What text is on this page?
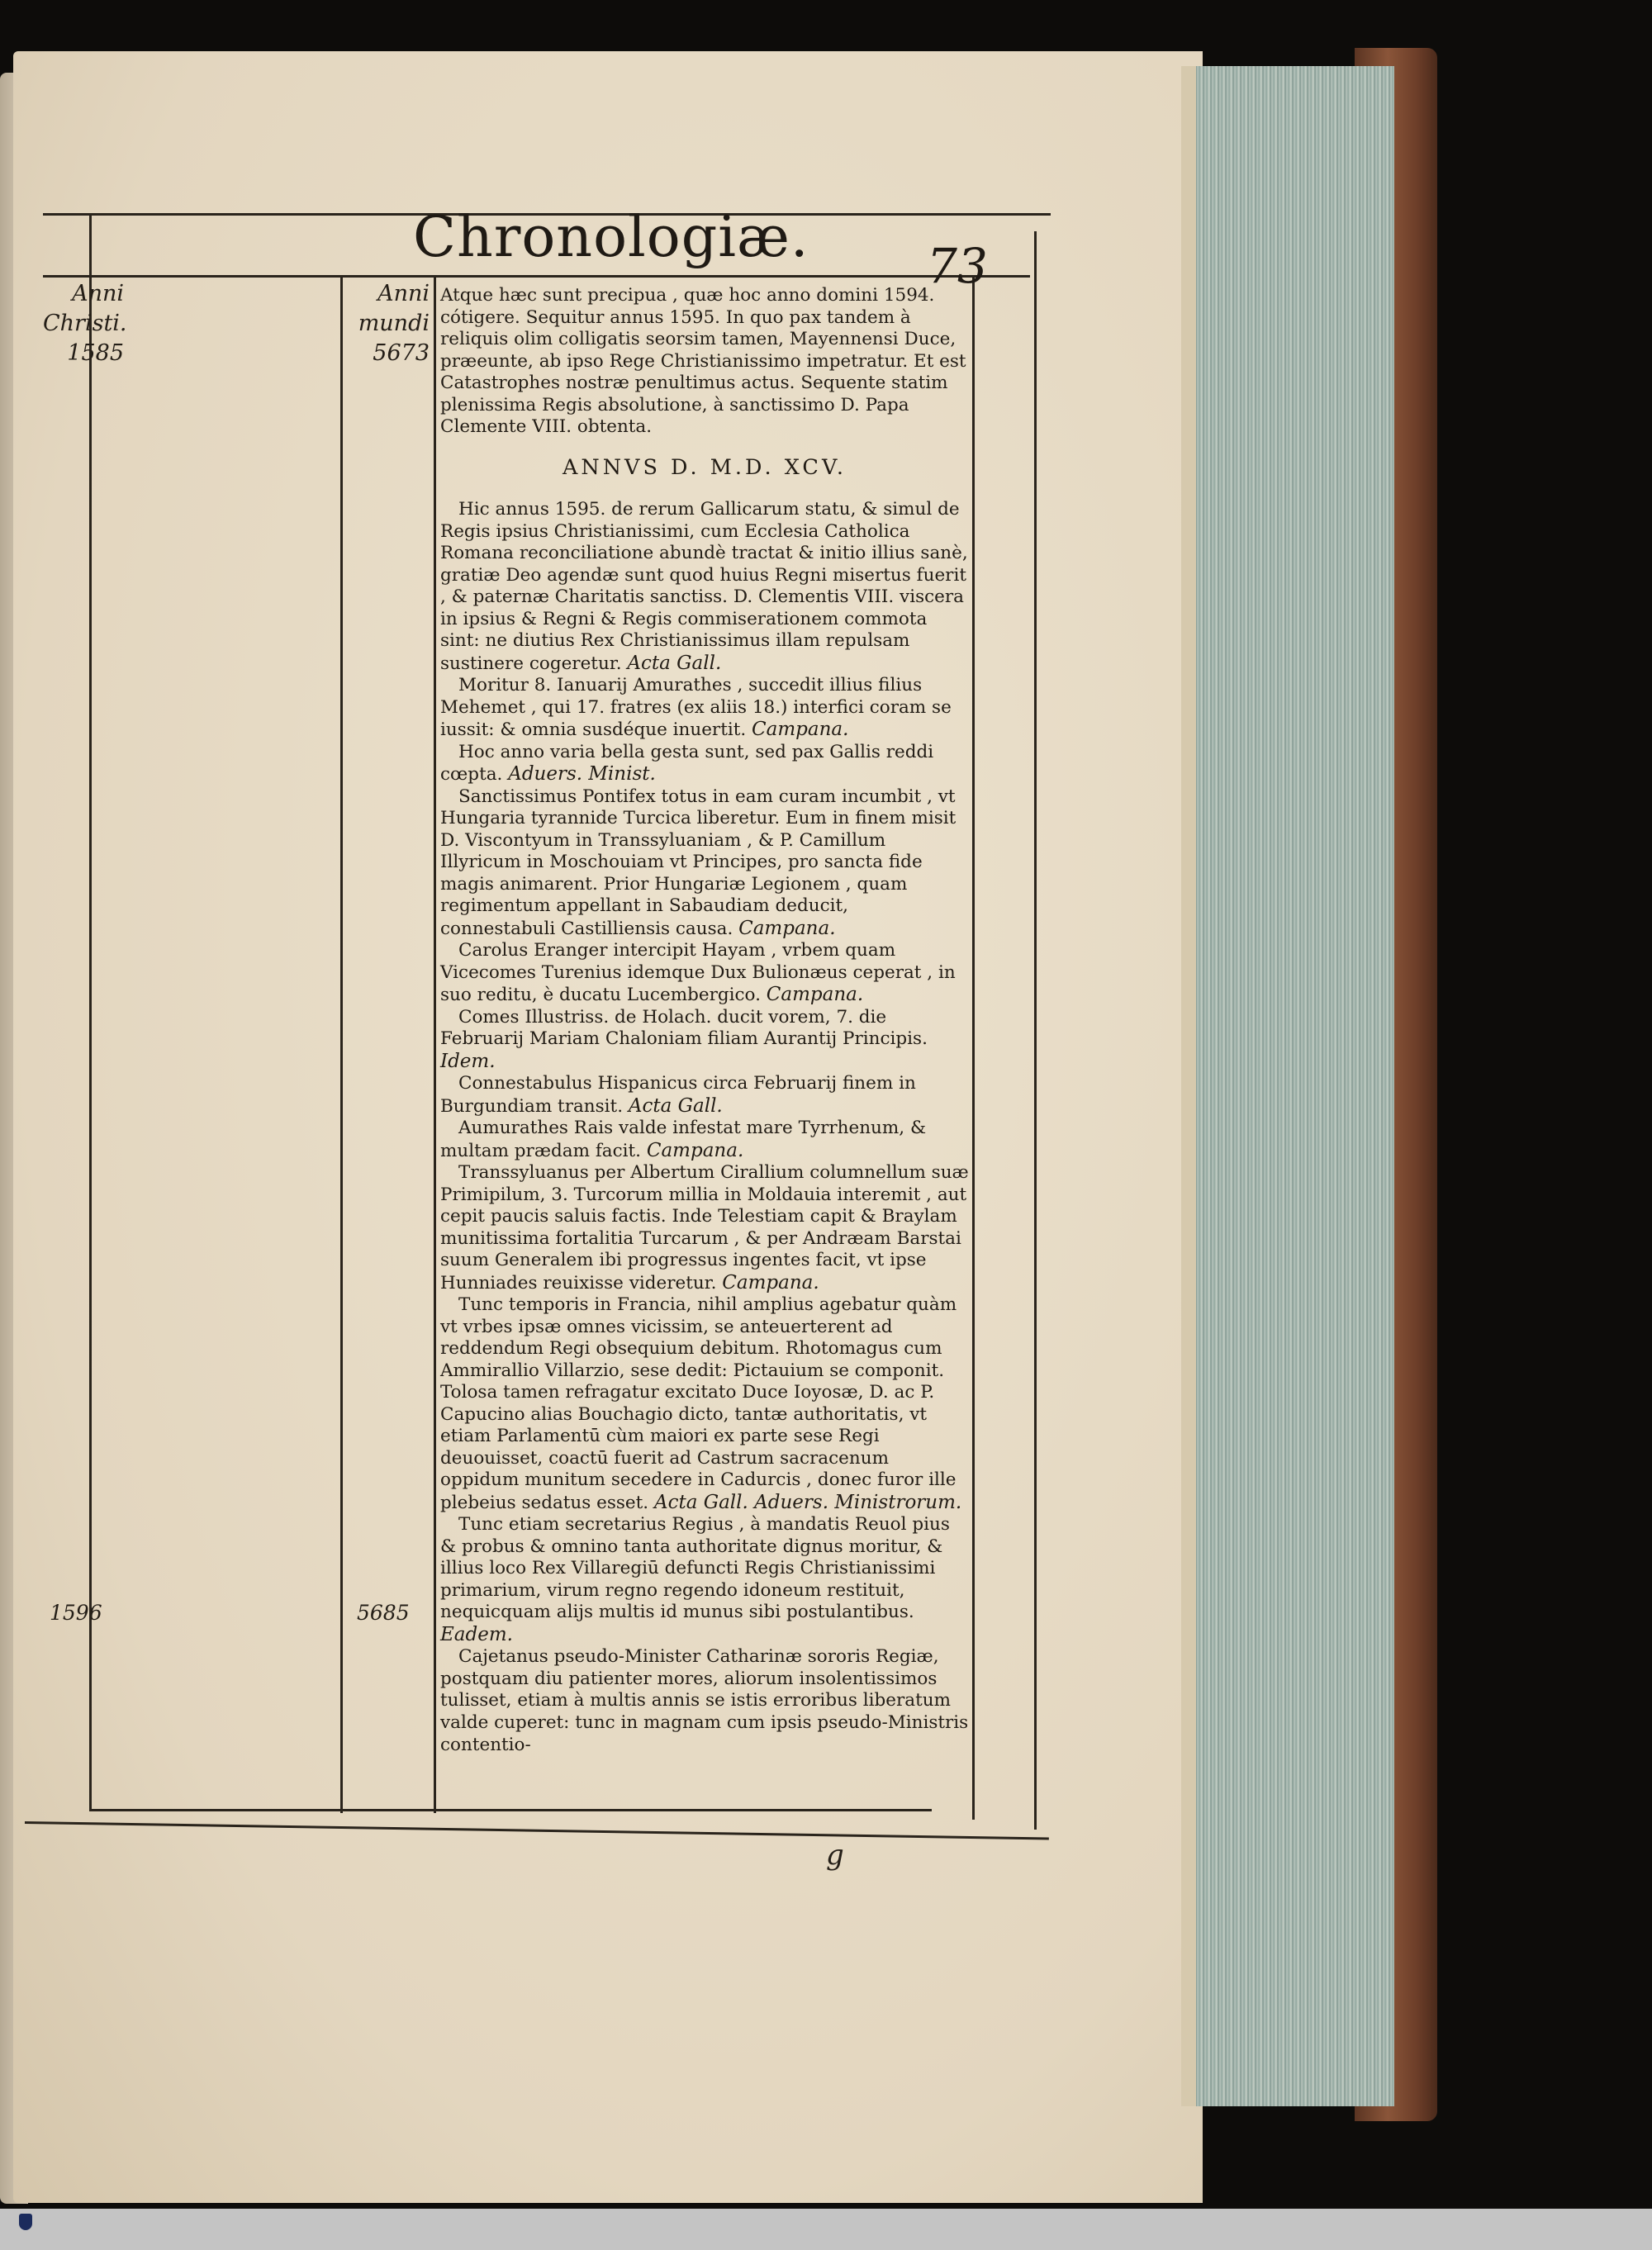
Chronologiæ. 73
Anni
Christi.
1585
Anni
mundi
5673
1596	5685

Atque hæc sunt precipua , quæ hoc anno domini 1594. cótigere. Sequitur annus 1595. In quo pax tandem à reliquis olim colligatis seorsim tamen, Mayennensi Duce, præeunte, ab ipso Rege Christianissimo impetratur. Et est Catastrophes nostræ penultimus actus. Sequente statim plenissima Regis absolutione, à sanctissimo D. Papa Clemente VIII. obtenta.

ANNVS D. M.D. XCV.

Hic annus 1595. de rerum Gallicarum statu, & simul de Regis ipsius Christianissimi, cum Ecclesia Catholica Romana reconciliatione abundè tractat & initio illius sanè, gratiæ Deo agendæ sunt quod huius Regni misertus fuerit , & paternæ Charitatis sanctiss. D. Clementis VIII. viscera in ipsius & Regni & Regis commiserationem commota sint: ne diutius Rex Christianissimus illam repulsam sustinere cogeretur. Acta Gall.

Moritur 8. Ianuarij Amurathes , succedit illius filius Mehemet , qui 17. fratres (ex aliis 18.) interfici coram se iussit: & omnia susdéque inuertit. Campana.

Hoc anno varia bella gesta sunt, sed pax Gallis reddi cœpta. Aduers. Minist.

Sanctissimus Pontifex totus in eam curam incumbit , vt Hungaria tyrannide Turcica liberetur. Eum in finem misit D. Viscontyum in Transsyluaniam , & P. Camillum Illyricum in Moschouiam vt Principes, pro sancta fide magis animarent. Prior Hungariæ Legionem , quam regimentum appellant in Sabaudiam deducit, connestabuli Castilliensis causa. Campana.

Carolus Eranger intercipit Hayam , vrbem quam Vicecomes Turenius idemque Dux Bulionæus ceperat , in suo reditu, è ducatu Lucembergico. Campana.

Comes Illustriss. de Holach. ducit vorem, 7. die Februarij Mariam Chaloniam filiam Aurantij Principis. Idem.

Connestabulus Hispanicus circa Februarij finem in Burgundiam transit. Acta Gall.

Aumurathes Rais valde infestat mare Tyrrhenum, & multam prædam facit. Campana.

Transsyluanus per Albertum Cirallium columnellum suæ Primipilum, 3. Turcorum millia in Moldauia interemit , aut cepit paucis saluis factis. Inde Telestiam capit & Braylam munitissima fortalitia Turcarum , & per Andræam Barstai suum Generalem ibi progressus ingentes facit, vt ipse Hunniades reuixisse videretur. Campana.

Tunc temporis in Francia, nihil amplius agebatur quàm vt vrbes ipsæ omnes vicissim, se anteuerterent ad reddendum Regi obsequium debitum. Rhotomagus cum Ammirallio Villarzio, sese dedit: Pictauium se componit. Tolosa tamen refragatur excitato Duce Ioyosæ, D. ac P. Capucino alias Bouchagio dicto, tantæ authoritatis, vt etiam Parlamentū cùm maiori ex parte sese Regi deuouisset, coactū fuerit ad Castrum sacracenum oppidum munitum secedere in Cadurcis , donec furor ille plebeius sedatus esset. Acta Gall. Aduers. Ministrorum.

Tunc etiam secretarius Regius , à mandatis Reuol pius & probus & omnino tanta authoritate dignus moritur, & illius loco Rex Villaregiū defuncti Regis Christianissimi primarium, virum regno regendo idoneum restituit, nequicquam alijs multis id munus sibi postulantibus. Eadem.

Cajetanus pseudo-Minister Catharinæ sororis Regiæ, postquam diu patienter mores, aliorum insolentissimos tulisset, etiam à multis annis se istis erroribus liberatum valde cuperet: tunc in magnam cum ipsis pseudo-Ministris contentio-

g
